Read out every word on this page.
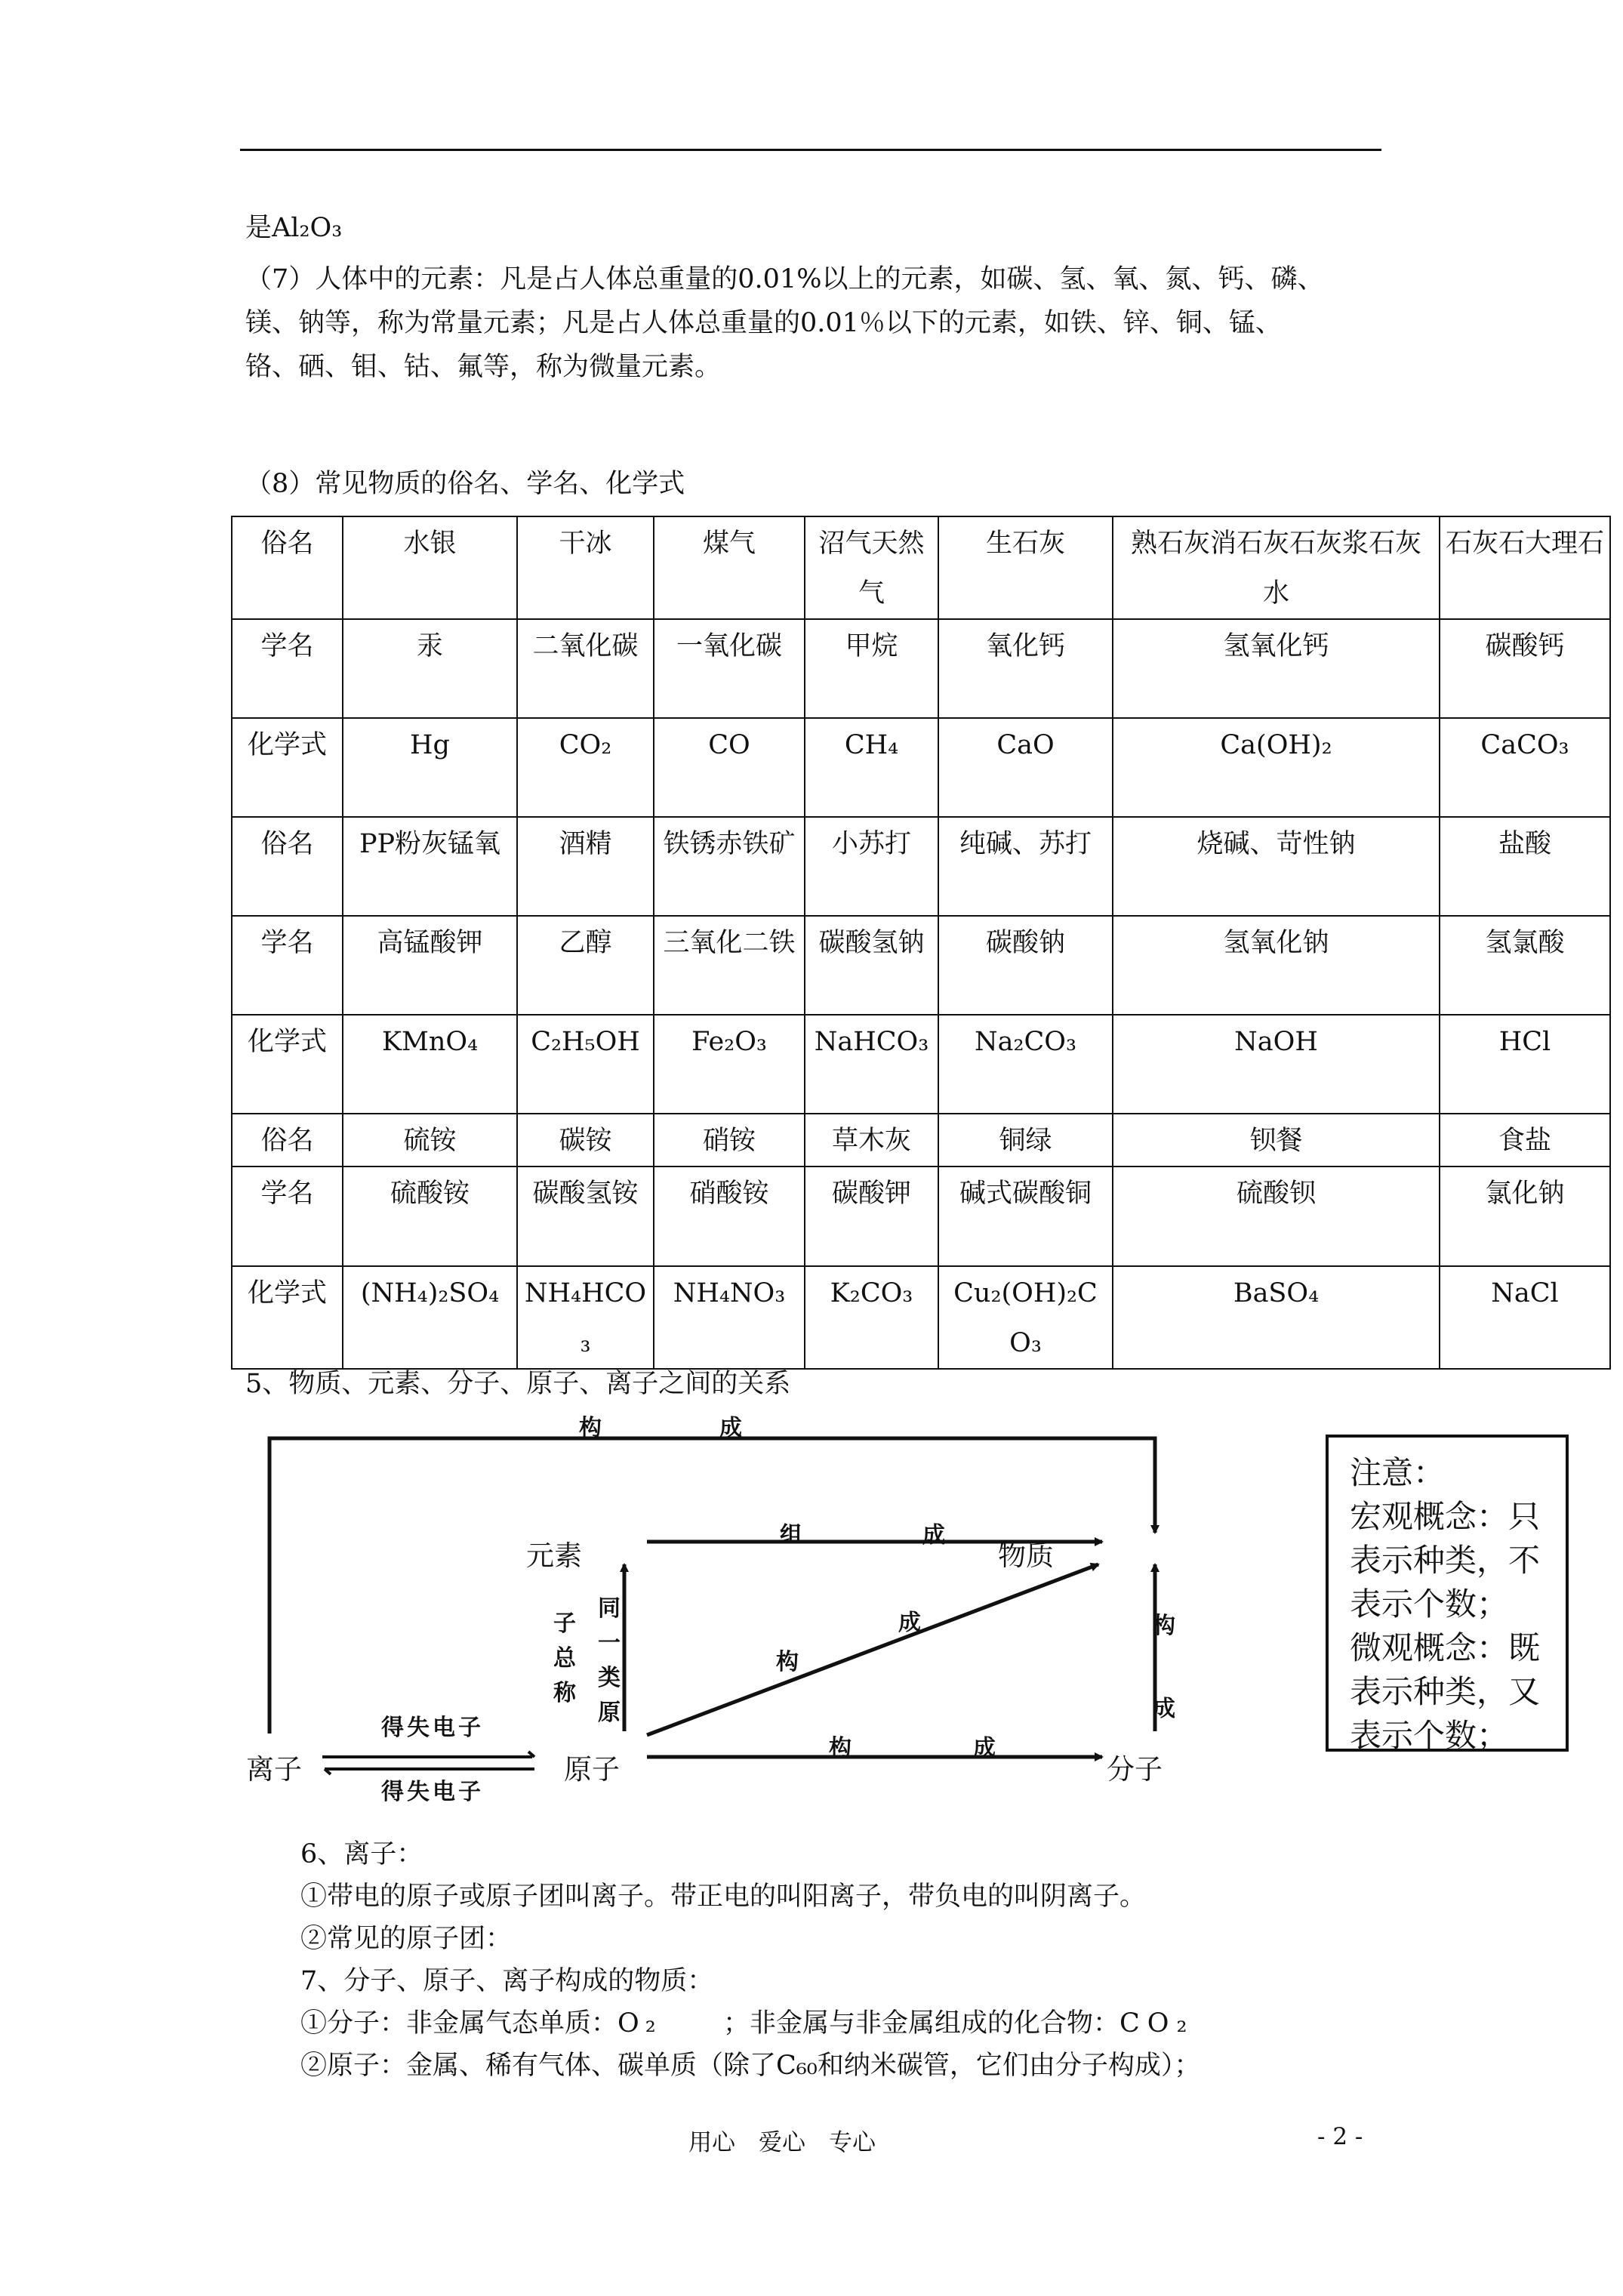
是Al₂O₃
（7）人体中的元素：凡是占人体总重量的0.01%以上的元素，如碳、氢、氧、氮、钙、磷、
镁、钠等，称为常量元素；凡是占人体总重量的0.01％以下的元素，如铁、锌、铜、锰、
铬、硒、钼、钴、氟等，称为微量元素。
（8）常见物质的俗名、学名、化学式
俗名	水银	干冰	煤气	沼气天然气	生石灰	熟石灰消石灰石灰浆石灰水	石灰石大理石
学名	汞	二氧化碳	一氧化碳	甲烷	氧化钙	氢氧化钙	碳酸钙
化学式	Hg	CO₂	CO	CH₄	CaO	Ca(OH)₂	CaCO₃
俗名	PP粉灰锰氧	酒精	铁锈赤铁矿	小苏打	纯碱、苏打	烧碱、苛性钠	盐酸
学名	高锰酸钾	乙醇	三氧化二铁	碳酸氢钠	碳酸钠	氢氧化钠	氢氯酸
化学式	KMnO₄	C₂H₅OH	Fe₂O₃	NaHCO₃	Na₂CO₃	NaOH	HCl
俗名	硫铵	碳铵	硝铵	草木灰	铜绿	钡餐	食盐
学名	硫酸铵	碳酸氢铵	硝酸铵	碳酸钾	碱式碳酸铜	硫酸钡	氯化钠
化学式	(NH₄)₂SO₄	NH₄HCO₃	NH₄NO₃	K₂CO₃	Cu₂(OH)₂CO₃	BaSO₄	NaCl
5、物质、元素、分子、原子、离子之间的关系
元素	物质
原子	分子
离子
构	成
组	成
构
成
构	成
构
成
同一类原
子总称
得失电子
得失电子
注意：
宏观概念：只
表示种类，不
表示个数；
微观概念：既
表示种类，又
表示个数；
6、离子：
①带电的原子或原子团叫离子。带正电的叫阳离子，带负电的叫阴离子。
②常见的原子团：
7、分子、原子、离子构成的物质：
①分子：非金属气态单质：O₂ ；非金属与非金属组成的化合物：CO₂
②原子：金属、稀有气体、碳单质（除了C₆₀和纳米碳管，它们由分子构成）；
用心　爱心　专心	- 2 -
